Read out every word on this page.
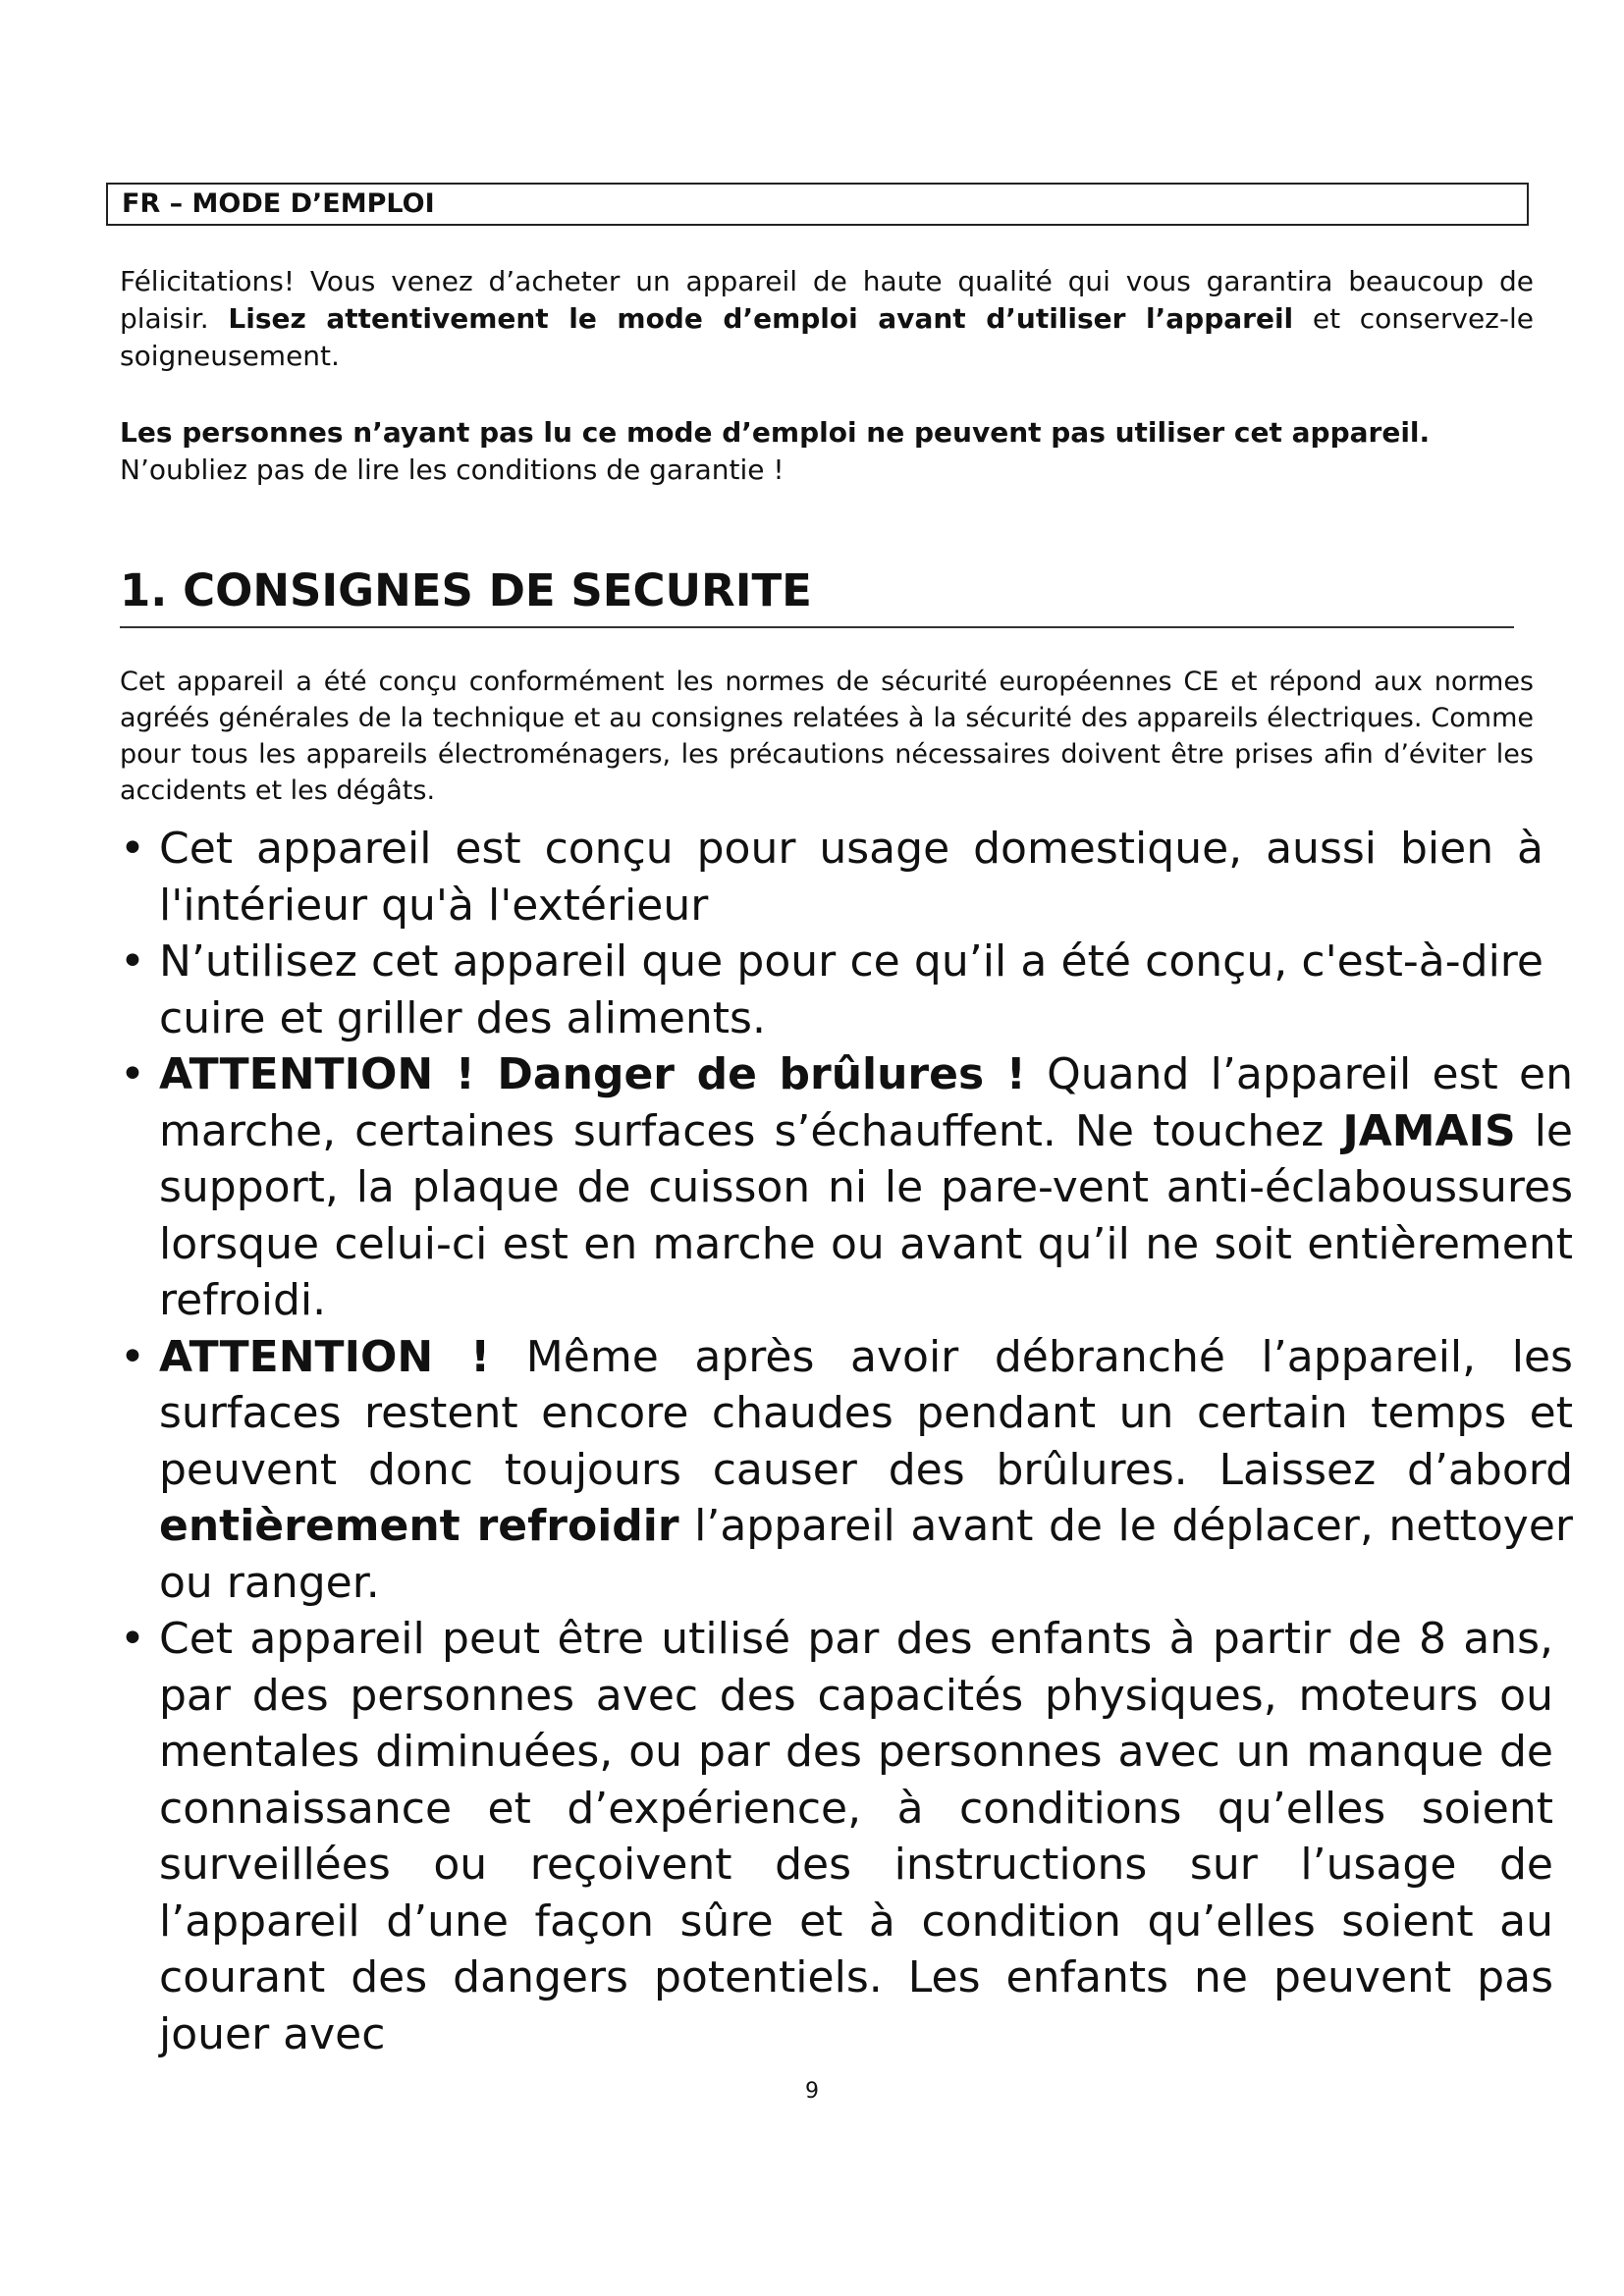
FR – MODE D’EMPLOI
Félicitations! Vous venez d’acheter un appareil de haute qualité qui vous garantira beaucoup de plaisir. Lisez attentivement le mode d’emploi avant d’utiliser l’appareil et conservez-le soigneusement.
Les personnes n’ayant pas lu ce mode d’emploi ne peuvent pas utiliser cet appareil.
N’oubliez pas de lire les conditions de garantie !
1. CONSIGNES DE SECURITE
Cet appareil a été conçu conformément les normes de sécurité européennes CE et répond aux normes agréés générales de la technique et au consignes relatées à la sécurité des appareils électriques. Comme pour tous les appareils électroménagers, les précautions nécessaires doivent être prises afin d’éviter les accidents et les dégâts.
• Cet appareil est conçu pour usage domestique, aussi bien à l'intérieur qu'à l'extérieur
• N’utilisez cet appareil que pour ce qu’il a été conçu, c'est-à-dire cuire et griller des aliments.
• ATTENTION ! Danger de brûlures ! Quand l’appareil est en marche, certaines surfaces s’échauffent. Ne touchez JAMAIS le support, la plaque de cuisson ni le pare-vent anti-éclaboussures lorsque celui-ci est en marche ou avant qu’il ne soit entièrement refroidi.
• ATTENTION ! Même après avoir débranché l’appareil, les surfaces restent encore chaudes pendant un certain temps et peuvent donc toujours causer des brûlures. Laissez d’abord entièrement refroidir l’appareil avant de le déplacer, nettoyer ou ranger.
• Cet appareil peut être utilisé par des enfants à partir de 8 ans, par des personnes avec des capacités physiques, moteurs ou mentales diminuées, ou par des personnes avec un manque de connaissance et d’expérience, à conditions qu’elles soient surveillées ou reçoivent des instructions sur l’usage de l’appareil d’une façon sûre et à condition qu’elles soient au courant des dangers potentiels. Les enfants ne peuvent pas jouer avec
9
